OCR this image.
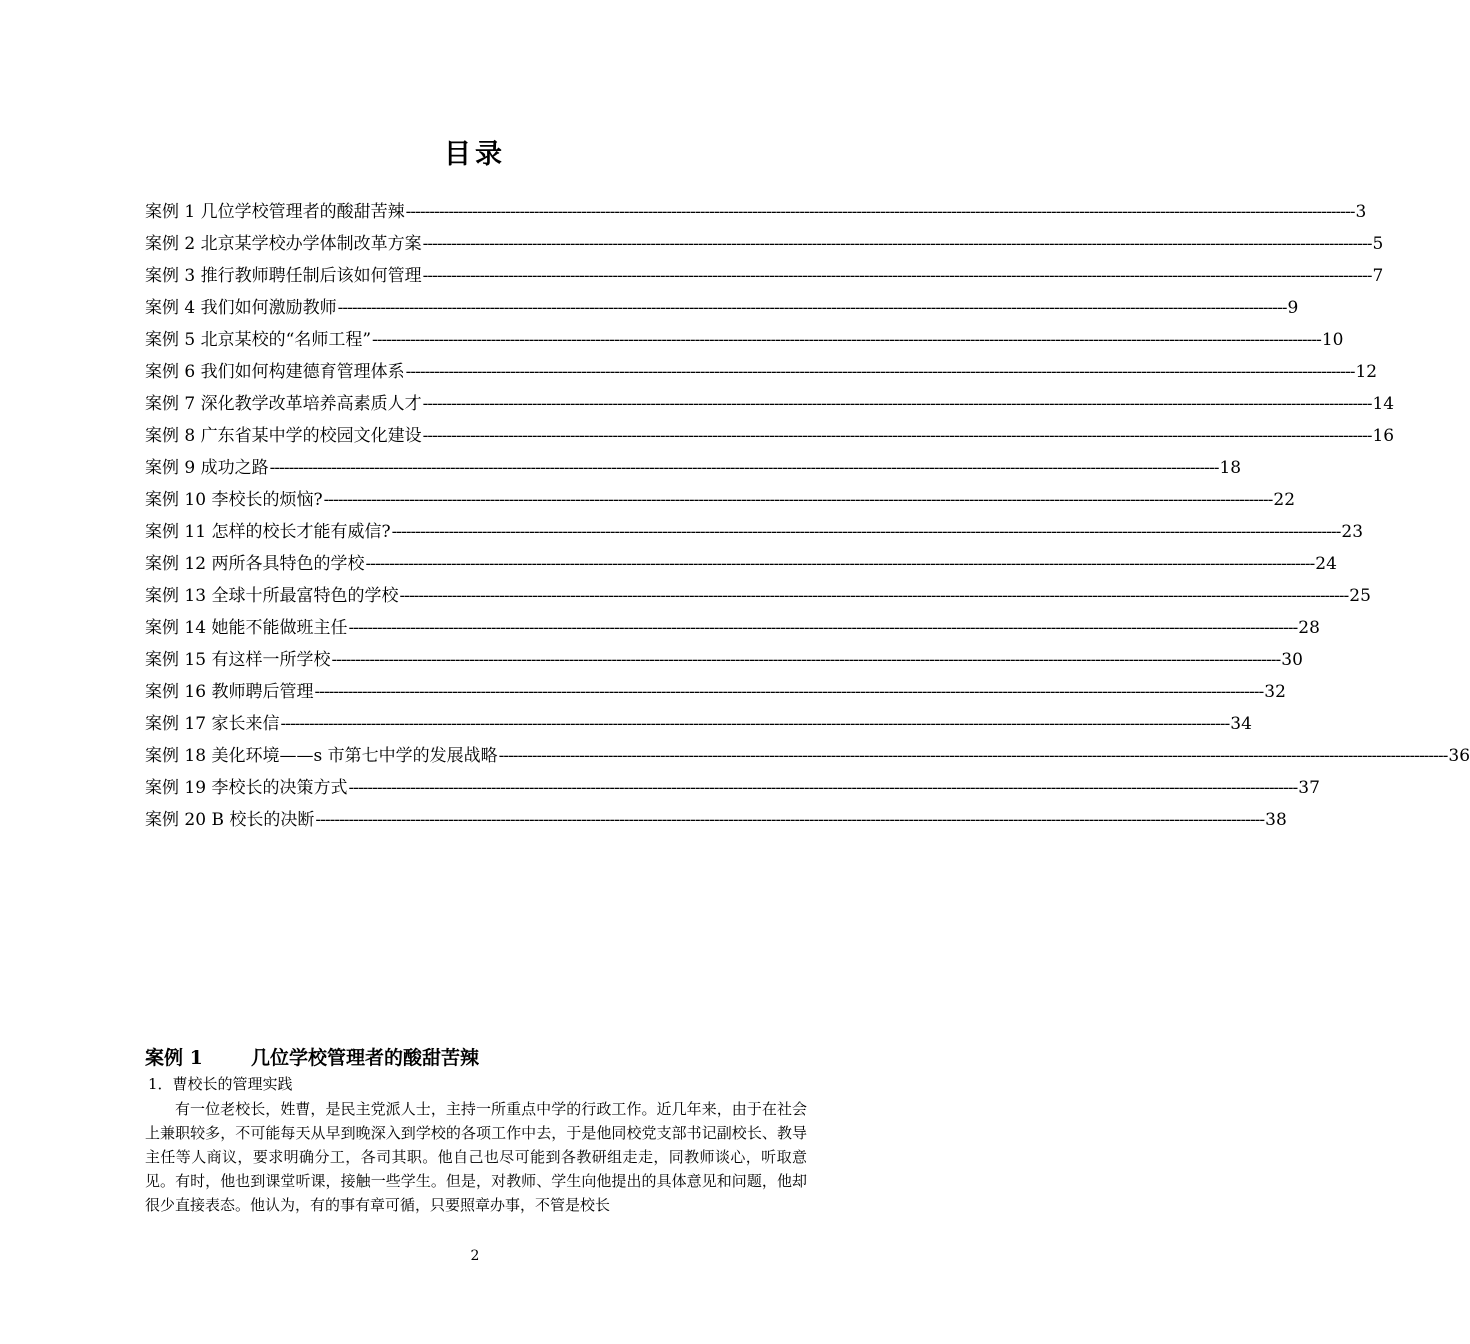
目录
案例 1 几位学校管理者的酸甜苦辣 -------------------------------------------------------------------------------------------------------------------------------------------------------------------------------------------------------- 3
案例 2 北京某学校办学体制改革方案 -------------------------------------------------------------------------------------------------------------------------------------------------------------------------------------------------------- 5
案例 3 推行教师聘任制后该如何管理 -------------------------------------------------------------------------------------------------------------------------------------------------------------------------------------------------------- 7
案例 4 我们如何激励教师 -------------------------------------------------------------------------------------------------------------------------------------------------------------------------------------------------------- 9
案例 5 北京某校的“名师工程” -------------------------------------------------------------------------------------------------------------------------------------------------------------------------------------------------------- 10
案例 6 我们如何构建德育管理体系 -------------------------------------------------------------------------------------------------------------------------------------------------------------------------------------------------------- 12
案例 7 深化教学改革培养高素质人才 -------------------------------------------------------------------------------------------------------------------------------------------------------------------------------------------------------- 14
案例 8 广东省某中学的校园文化建设 -------------------------------------------------------------------------------------------------------------------------------------------------------------------------------------------------------- 16
案例 9 成功之路 -------------------------------------------------------------------------------------------------------------------------------------------------------------------------------------------------------- 18
案例 10 李校长的烦恼? -------------------------------------------------------------------------------------------------------------------------------------------------------------------------------------------------------- 22
案例 11 怎样的校长才能有威信? -------------------------------------------------------------------------------------------------------------------------------------------------------------------------------------------------------- 23
案例 12 两所各具特色的学校 -------------------------------------------------------------------------------------------------------------------------------------------------------------------------------------------------------- 24
案例 13 全球十所最富特色的学校 -------------------------------------------------------------------------------------------------------------------------------------------------------------------------------------------------------- 25
案例 14 她能不能做班主任 -------------------------------------------------------------------------------------------------------------------------------------------------------------------------------------------------------- 28
案例 15 有这样一所学校 -------------------------------------------------------------------------------------------------------------------------------------------------------------------------------------------------------- 30
案例 16 教师聘后管理 -------------------------------------------------------------------------------------------------------------------------------------------------------------------------------------------------------- 32
案例 17 家长来信 -------------------------------------------------------------------------------------------------------------------------------------------------------------------------------------------------------- 34
案例 18 美化环境——s 市第七中学的发展战略 -------------------------------------------------------------------------------------------------------------------------------------------------------------------------------------------------------- 36
案例 19 李校长的决策方式 -------------------------------------------------------------------------------------------------------------------------------------------------------------------------------------------------------- 37
案例 20 B 校长的决断 -------------------------------------------------------------------------------------------------------------------------------------------------------------------------------------------------------- 38
案例 1	几位学校管理者的酸甜苦辣
1．曹校长的管理实践

有一位老校长，姓曹，是民主党派人士，主持一所重点中学的行政工作。近几年来，由于在社会上兼职较多，不可能每天从早到晚深入到学校的各项工作中去，于是他同校党支部书记副校长、教导主任等人商议，要求明确分工，各司其职。他自己也尽可能到各教研组走走，同教师谈心，听取意见。有时，他也到课堂听课，接触一些学生。但是，对教师、学生向他提出的具体意见和问题，他却很少直接表态。他认为，有的事有章可循，只要照章办事，不管是校长

2
